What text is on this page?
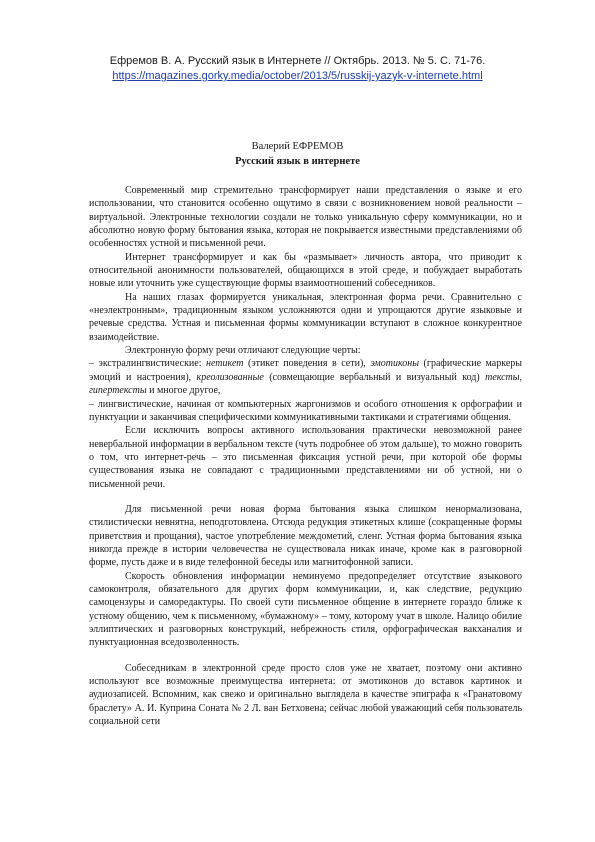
Ефремов В. А. Русский язык в Интернете // Октябрь. 2013. № 5. С. 71-76.
https://magazines.gorky.media/october/2013/5/russkij-yazyk-v-internete.html
Валерий ЕФРЕМОВ
Русский язык в интернете

Современный мир стремительно трансформирует наши представления о языке и его использовании, что становится особенно ощутимо в связи с возникновением новой реальности – виртуальной. Электронные технологии создали не только уникальную сферу коммуникации, но и абсолютно новую форму бытования языка, которая не покрывается известными представлениями об особенностях устной и письменной речи.

Интернет трансформирует и как бы «размывает» личность автора, что приводит к относительной анонимности пользователей, общающихся в этой среде, и побуждает выработать новые или уточнить уже существующие формы взаимоотношений собеседников.

На наших глазах формируется уникальная, электронная форма речи. Сравнительно с «неэлектронным», традиционным языком усложняются одни и упрощаются другие языковые и речевые средства. Устная и письменная формы коммуникации вступают в сложное конкурентное взаимодействие.

Электронную форму речи отличают следующие черты:

– экстралингвистические: нетикет (этикет поведения в сети), эмотиконы (графические маркеры эмоций и настроения), креолизованные (совмещающие вербальный и визуальный код) тексты, гипертексты и многое другое,

– лингвистические, начиная от компьютерных жаргонизмов и особого отношения к орфографии и пунктуации и заканчивая специфическими коммуникативными тактиками и стратегиями общения.

Если исключить вопросы активного использования практически невозможной ранее невербальной информации в вербальном тексте (чуть подробнее об этом дальше), то можно говорить о том, что интернет-речь – это письменная фиксация устной речи, при которой обе формы существования языка не совпадают с традиционными представлениями ни об устной, ни о письменной речи.

Для письменной речи новая форма бытования языка слишком ненормализована, стилистически невнятна, неподготовлена. Отсюда редукция этикетных клише (сокращенные формы приветствия и прощания), частое употребление междометий, сленг. Устная форма бытования языка никогда прежде в истории человечества не существовала никак иначе, кроме как в разговорной форме, пусть даже и в виде телефонной беседы или магнитофонной записи.

Скорость обновления информации неминуемо предопределяет отсутствие языкового самоконтроля, обязательного для других форм коммуникации, и, как следствие, редукцию самоцензуры и саморедактуры. По своей сути письменное общение в интернете гораздо ближе к устному общению, чем к письменному, «бумажному» – тому, которому учат в школе. Налицо обилие эллиптических и разговорных конструкций, небрежность стиля, орфографическая вакханалия и пунктуационная вседозволенность.

Собеседникам в электронной среде просто слов уже не хватает, поэтому они активно используют все возможные преимущества интернета: от эмотиконов до вставок картинок и аудиозаписей. Вспомним, как свежо и оригинально выглядела в качестве эпиграфа к «Гранатовому браслету» А. И. Куприна Соната № 2 Л. ван Бетховена; сейчас любой уважающий себя пользователь социальной сети
